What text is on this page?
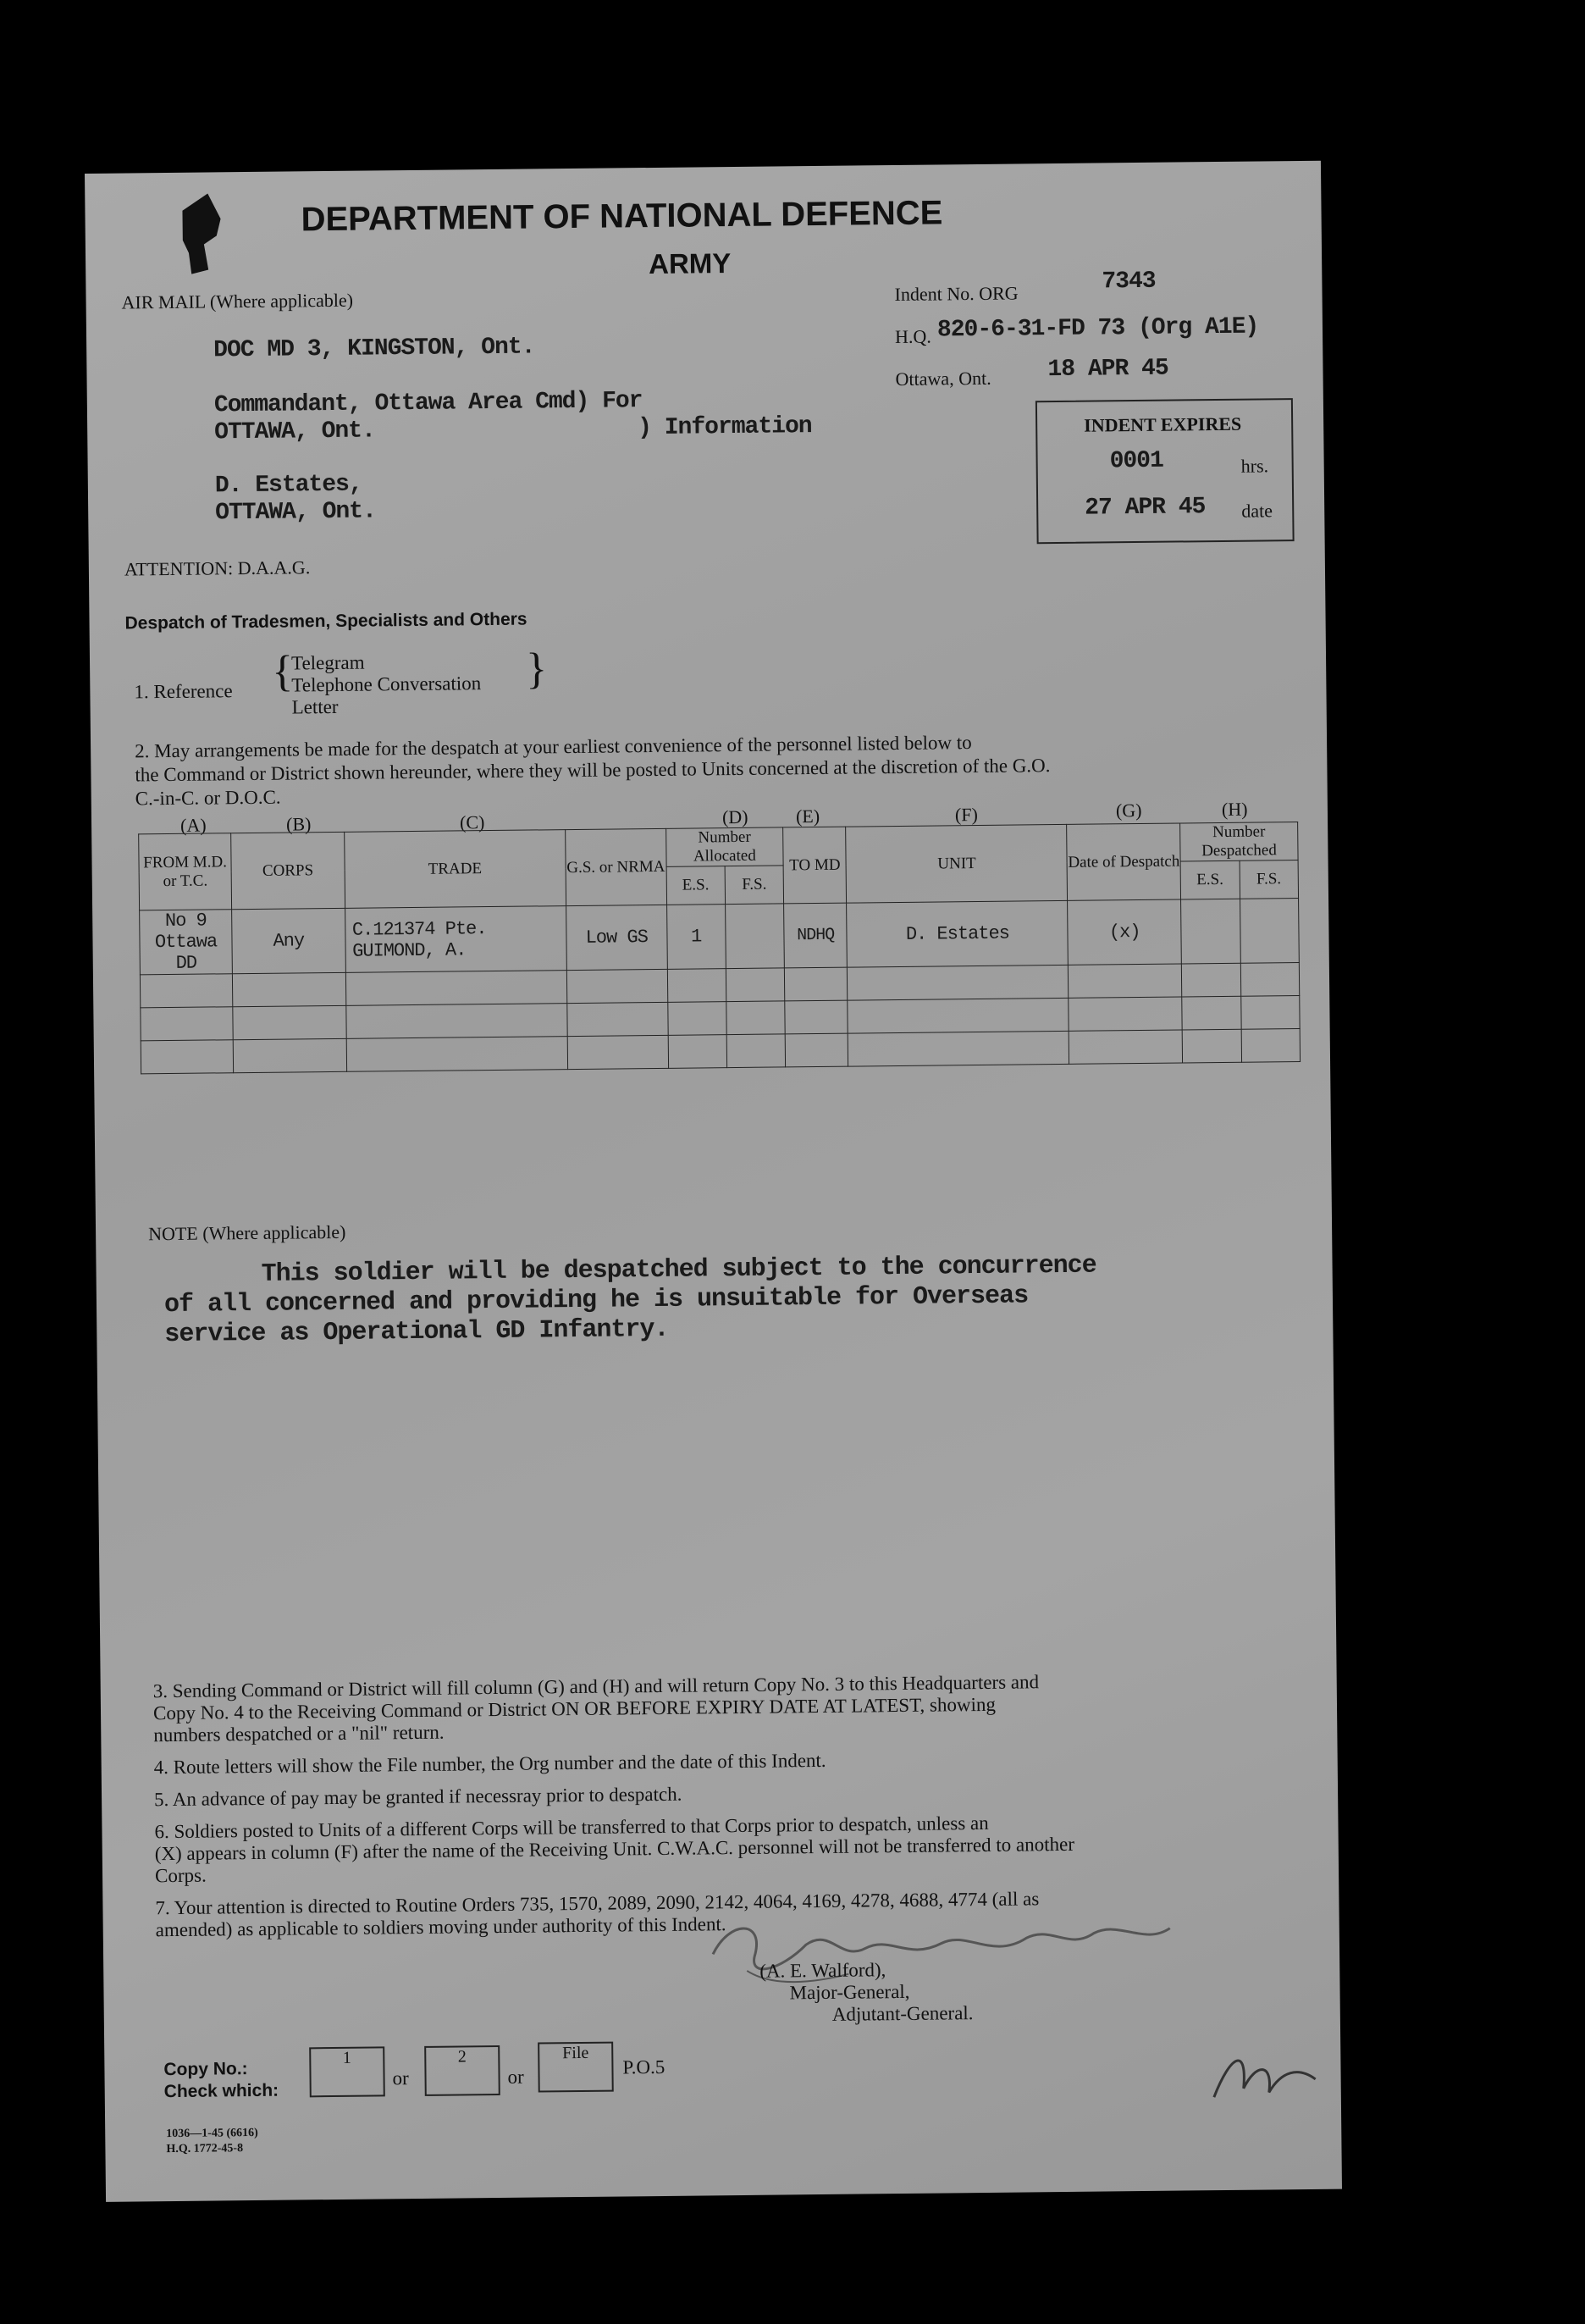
DEPARTMENT OF NATIONAL DEFENCE
ARMY
AIR MAIL (Where applicable)	Indent No. ORG	7343
H.Q. 820-6-31-FD 73 (Org A1E)
Ottawa, Ont. 18 APR 45
DOC MD 3, KINGSTON, Ont.
Commandant, Ottawa Area Cmd) For
OTTAWA, Ont.	) Information
D. Estates,
OTTAWA, Ont.
ATTENTION: D.A.A.G.
INDENT EXPIRES
0001	hrs.
27 APR 45 date
Despatch of Tradesmen, Specialists and Others
1. Reference {
Telegram
Telephone Conversation
Letter
}
2. May arrangements be made for the despatch at your earliest convenience of the personnel listed below to
the Command or District shown hereunder, where they will be posted to Units concerned at the discretion of the G.O.
C.-in-C. or D.O.C.
(A)	(B)	(C)	(D)	(E)	(F)	(G)	(H)
FROM M.D. or T.C.	CORPS	TRADE	G.S. or NRMA	Number Allocated		TO MD	UNIT	Date of Despatch	Number Despatched	
				E.S.	F.S.				E.S.	F.S.
No 9 Ottawa DD	Any	C.121374 Pte. GUIMOND, A.	Low GS	1		NDHQ	D. Estates	(x)		

NOTE (Where applicable)
This soldier will be despatched subject to the concurrence
of all concerned and providing he is unsuitable for Overseas
service as Operational GD Infantry.
3. Sending Command or District will fill column (G) and (H) and will return Copy No. 3 to this Headquarters and
Copy No. 4 to the Receiving Command or District ON OR BEFORE EXPIRY DATE AT LATEST, showing
numbers despatched or a "nil" return.
4. Route letters will show the File number, the Org number and the date of this Indent.
5. An advance of pay may be granted if necessray prior to despatch.
6. Soldiers posted to Units of a different Corps will be transferred to that Corps prior to despatch, unless an
(X) appears in column (F) after the name of the Receiving Unit. C.W.A.C. personnel will not be transferred to another
Corps.
7. Your attention is directed to Routine Orders 735, 1570, 2089, 2090, 2142, 4064, 4169, 4278, 4688, 4774 (all as
amended) as applicable to soldiers moving under authority of this Indent.
(A. E. Walford),
Major-General,
Adjutant-General.
Copy No.:
Check which:
1
or
2
or
File
P.O.5
1036—1-45 (6616)
H.Q. 1772-45-8
